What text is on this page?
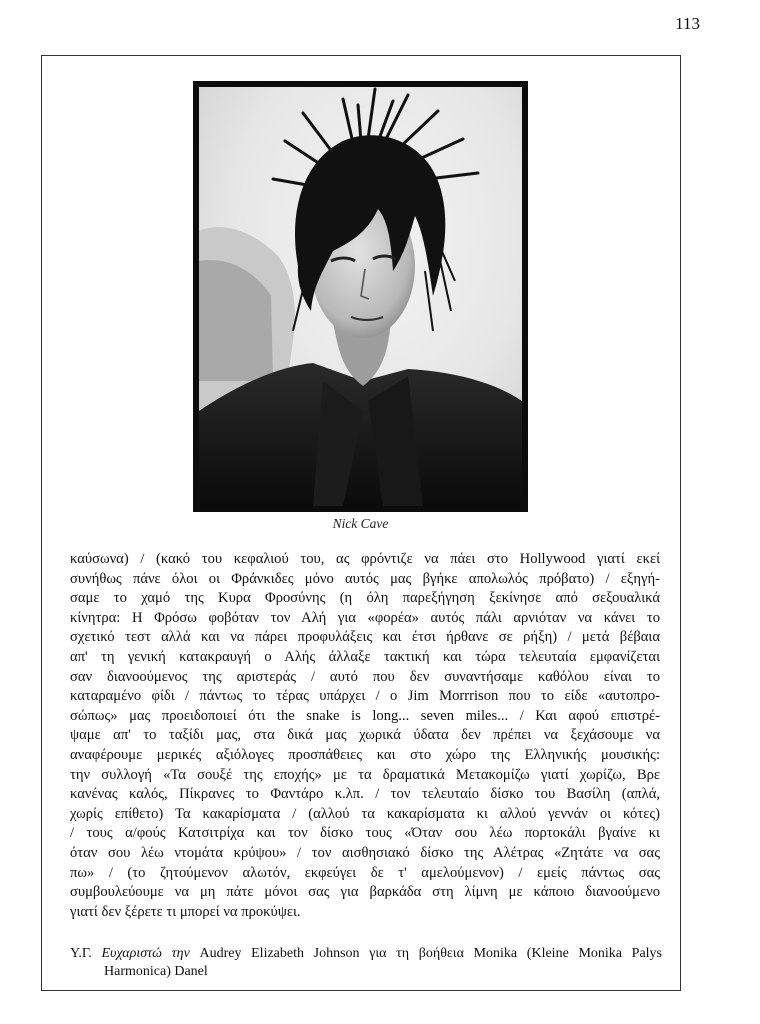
113
Nick Cave
καύσωνα) / (κακό του κεφαλιού του, ας φρόντιζε να πάει στο Hollywood γιατί εκεί
συνήθως πάνε όλοι οι Φράνκιδες μόνο αυτός μας βγήκε απολωλός πρόβατο) / εξηγή-
σαμε το χαμό της Κυρα Φροσύνης (η όλη παρεξήγηση ξεκίνησε από σεξουαλικά
κίνητρα: Η Φρόσω φοβόταν τον Αλή για «φορέα» αυτός πάλι αρνιόταν να κάνει το
σχετικό τεστ αλλά και να πάρει προφυλάξεις και έτσι ήρθανε σε ρήξη) / μετά βέβαια
απ' τη γενική κατακραυγή ο Αλής άλλαξε τακτική και τώρα τελευταία εμφανίζεται
σαν διανοούμενος της αριστεράς / αυτό που δεν συναντήσαμε καθόλου είναι το
καταραμένο φίδι / πάντως το τέρας υπάρχει / ο Jim Morrrison που το είδε «αυτοπρο-
σώπως» μας προειδοποιεί ότι the snake is long... seven miles... / Και αφού επιστρέ-
ψαμε απ' το ταξίδι μας, στα δικά μας χωρικά ύδατα δεν πρέπει να ξεχάσουμε να
αναφέρουμε μερικές αξιόλογες προσπάθειες και στο χώρο της Ελληνικής μουσικής:
την συλλογή «Τα σουξέ της εποχής» με τα δραματικά Μετακομίζω γιατί χωρίζω, Βρε
κανένας καλός, Πίκρανες το Φαντάρο κ.λπ. / τον τελευταίο δίσκο του Βασίλη (απλά,
χωρίς επίθετο) Τα κακαρίσματα / (αλλού τα κακαρίσματα κι αλλού γεννάν οι κότες)
/ τους α/φούς Κατσιτρίχα και τον δίσκο τους «Όταν σου λέω πορτοκάλι βγαίνε κι
όταν σου λέω ντομάτα κρύψου» / τον αισθησιακό δίσκο της Αλέτρας «Ζητάτε να σας
πω» / (το ζητούμενον αλωτόν, εκφεύγει δε τ' αμελούμενον) / εμείς πάντως σας
συμβουλεύουμε να μη πάτε μόνοι σας για βαρκάδα στη λίμνη με κάποιο διανοούμενο
γιατί δεν ξέρετε τι μπορεί να προκύψει.
Υ.Γ. Ευχαριστώ την Audrey Elizabeth Johnson για τη βοήθεια Monika (Kleine Monika Palys
Harmonica) Danel
